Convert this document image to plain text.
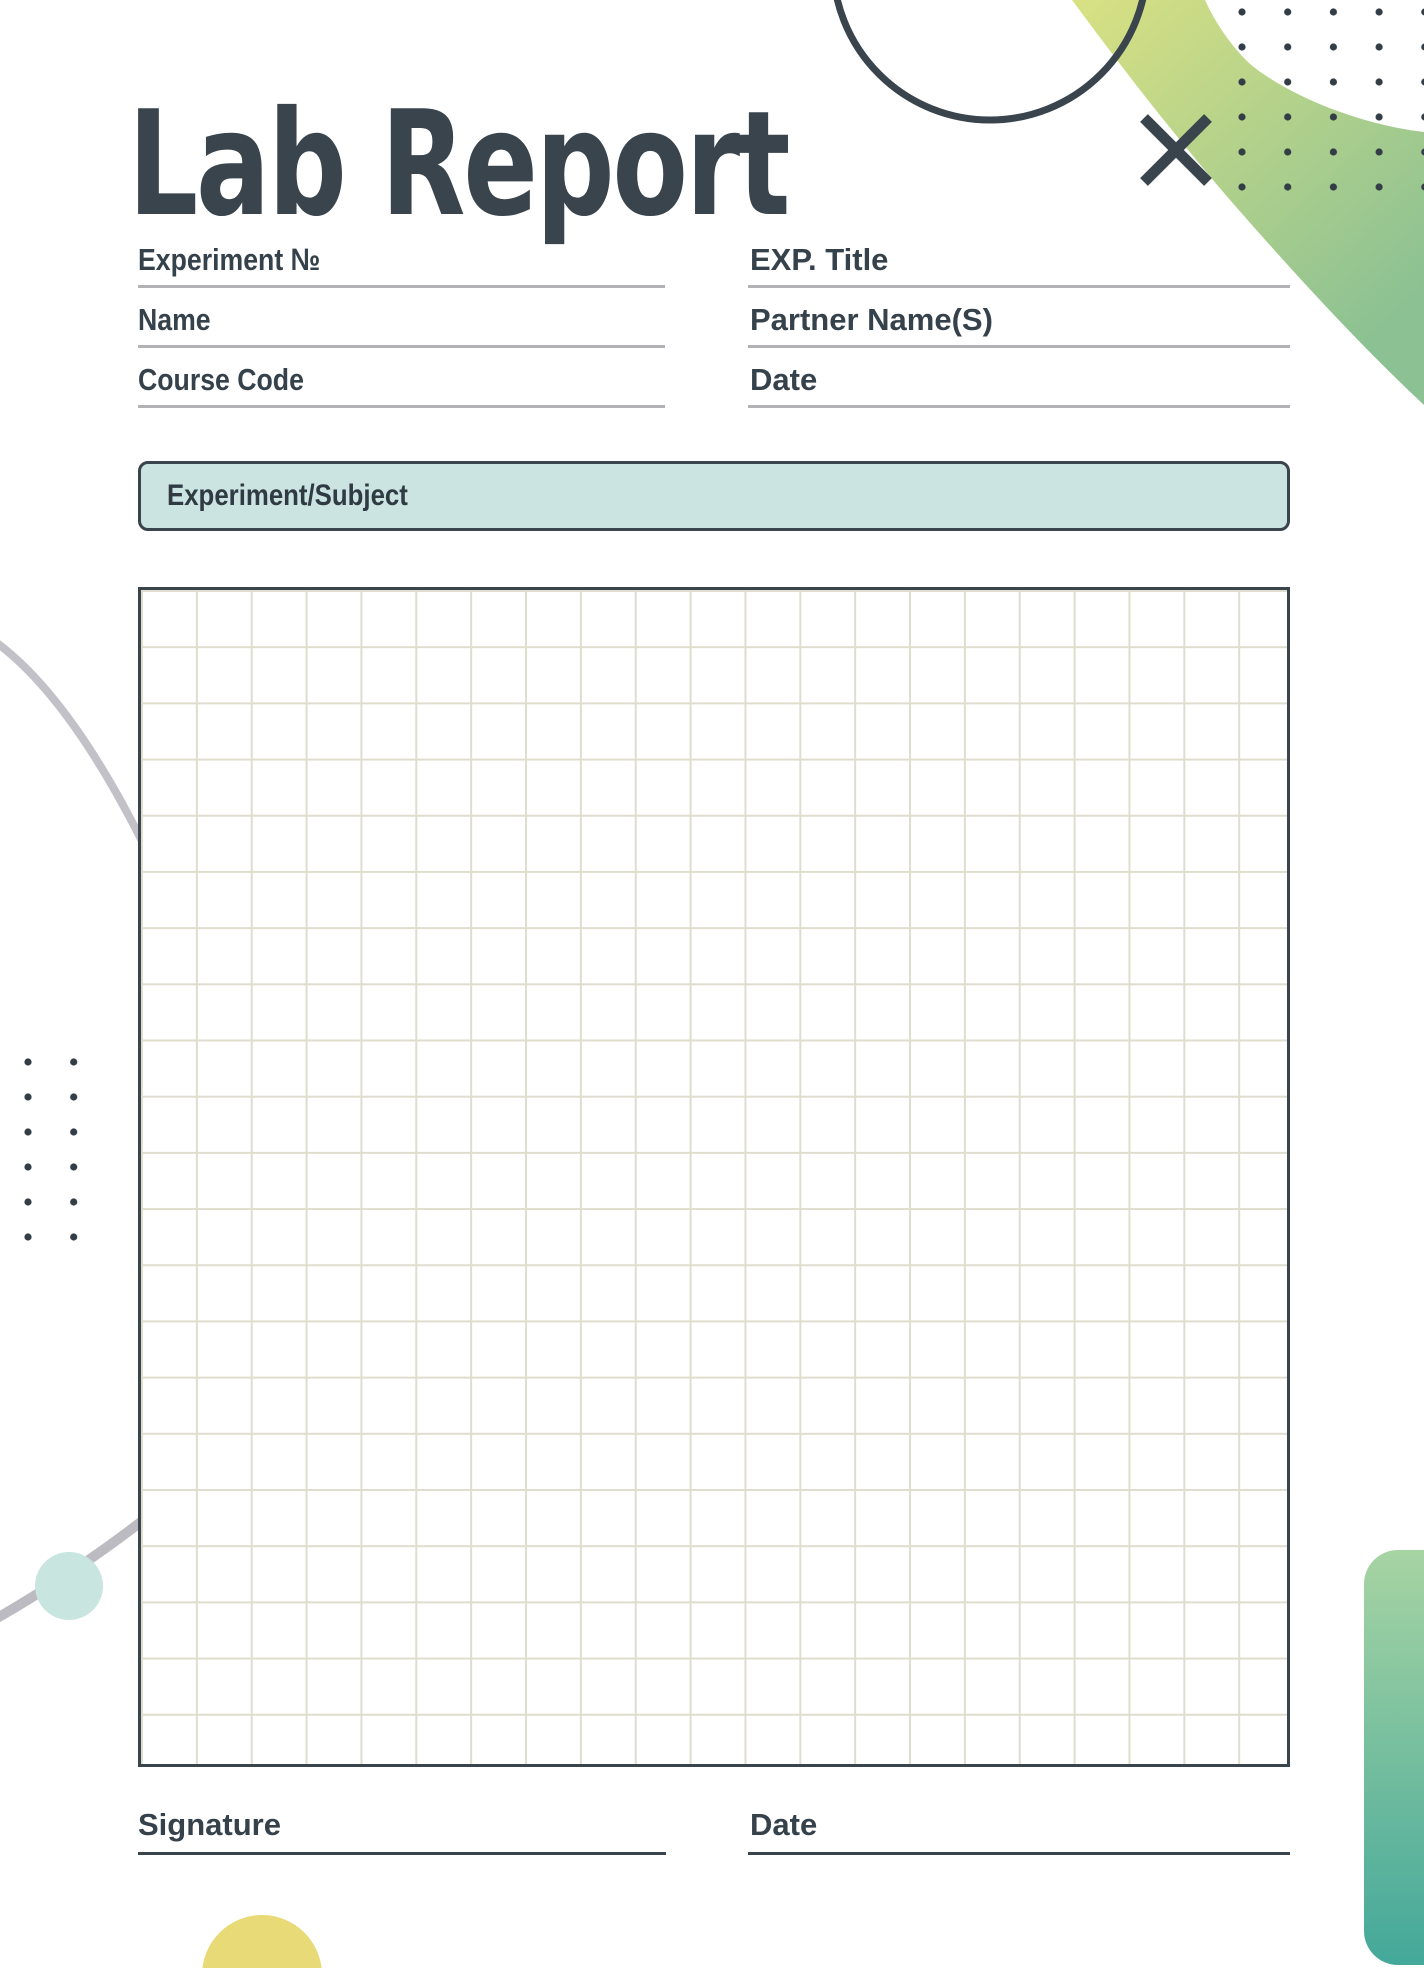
Lab Report
Experiment №
Name
Course Code
EXP. Title
Partner Name(S)
Date
Experiment/Subject
Signature	Date
